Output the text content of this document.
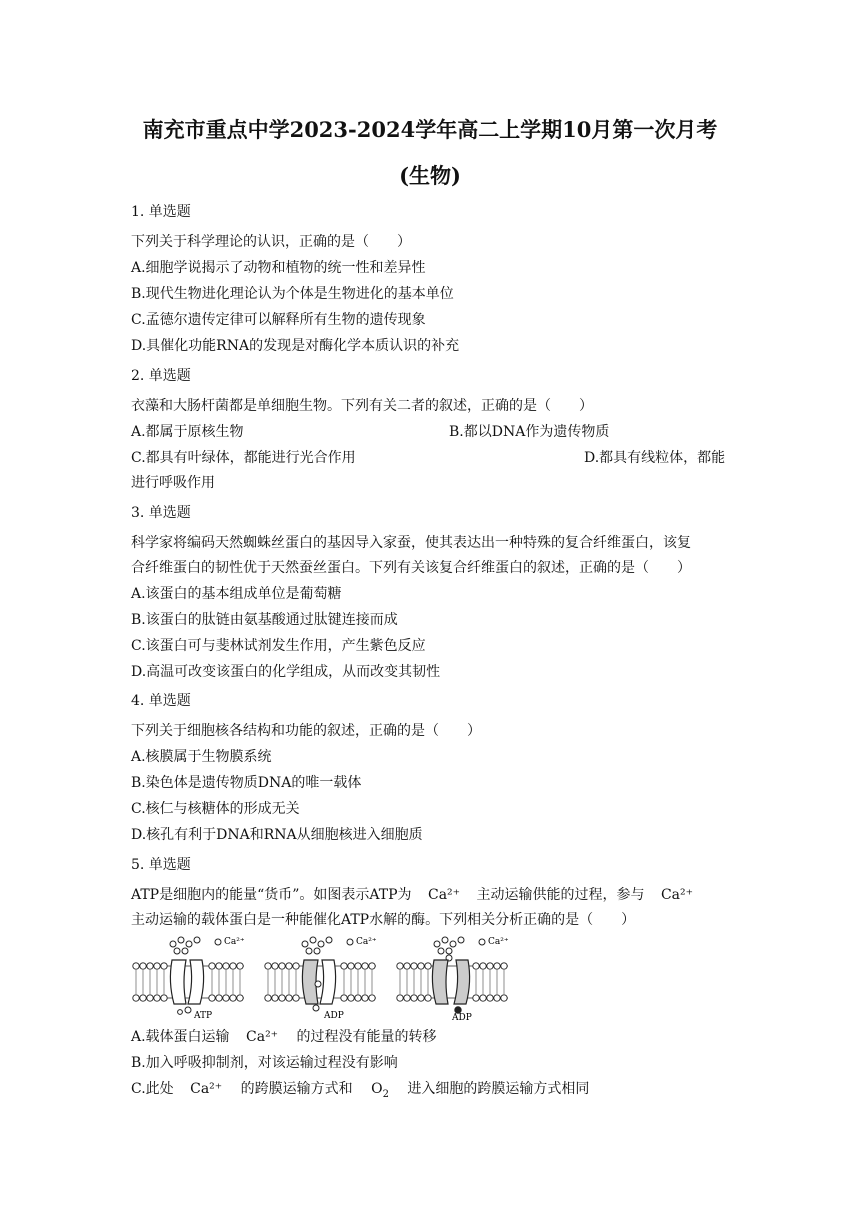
南充市重点中学2023-2024学年高二上学期10月第一次月考
(生物)
1. 单选题
下列关于科学理论的认识，正确的是（　　）
A.细胞学说揭示了动物和植物的统一性和差异性
B.现代生物进化理论认为个体是生物进化的基本单位
C.孟德尔遗传定律可以解释所有生物的遗传现象
D.具催化功能RNA的发现是对酶化学本质认识的补充
2. 单选题
衣藻和大肠杆菌都是单细胞生物。下列有关二者的叙述，正确的是（　　）
A.都属于原核生物	B.都以DNA作为遗传物质
C.都具有叶绿体，都能进行光合作用	D.都具有线粒体，都能
进行呼吸作用
3. 单选题
科学家将编码天然蜘蛛丝蛋白的基因导入家蚕，使其表达出一种特殊的复合纤维蛋白，该复
合纤维蛋白的韧性优于天然蚕丝蛋白。下列有关该复合纤维蛋白的叙述，正确的是（　　）
A.该蛋白的基本组成单位是葡萄糖
B.该蛋白的肽链由氨基酸通过肽键连接而成
C.该蛋白可与斐林试剂发生作用，产生紫色反应
D.高温可改变该蛋白的化学组成，从而改变其韧性
4. 单选题
下列关于细胞核各结构和功能的叙述，正确的是（　　）
A.核膜属于生物膜系统
B.染色体是遗传物质DNA的唯一载体
C.核仁与核糖体的形成无关
D.核孔有利于DNA和RNA从细胞核进入细胞质
5. 单选题
ATP是细胞内的能量“货币”。如图表示ATP为 Ca²⁺ 主动运输供能的过程，参与 Ca²⁺
主动运输的载体蛋白是一种能催化ATP水解的酶。下列相关分析正确的是（　　）
Ca²⁺
ATP
Ca²⁺
ADP
Ca²⁺
ADP
A.载体蛋白运输 Ca²⁺ 的过程没有能量的转移
B.加入呼吸抑制剂，对该运输过程没有影响
C.此处 Ca²⁺ 的跨膜运输方式和 $O_2$ 进入细胞的跨膜运输方式相同
